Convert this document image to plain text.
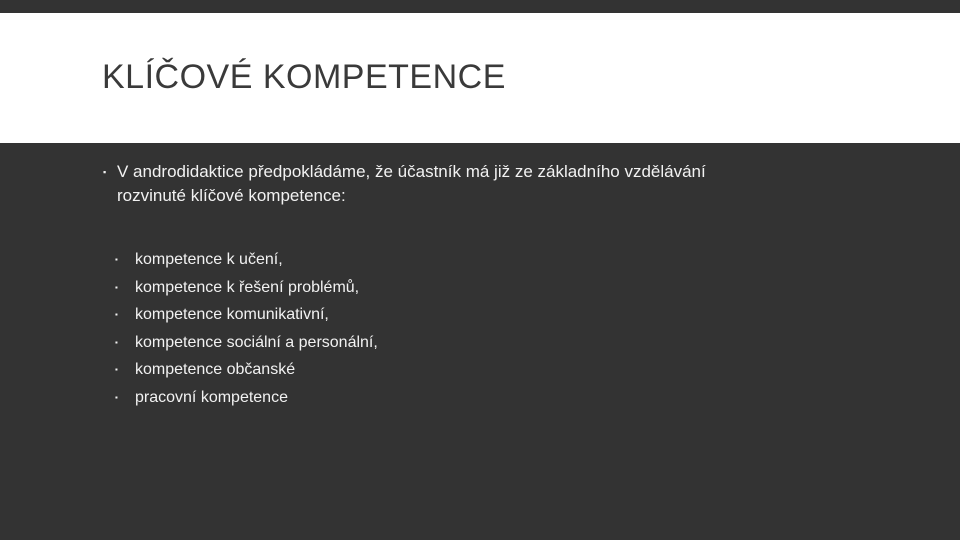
KLÍČOVÉ KOMPETENCE

▪ V androdidaktice předpokládáme, že účastník má již ze základního vzdělávání
rozvinuté klíčové kompetence:

▪ kompetence k učení,
▪ kompetence k řešení problémů,
▪ kompetence komunikativní,
▪ kompetence sociální a personální,
▪ kompetence občanské
▪ pracovní kompetence
